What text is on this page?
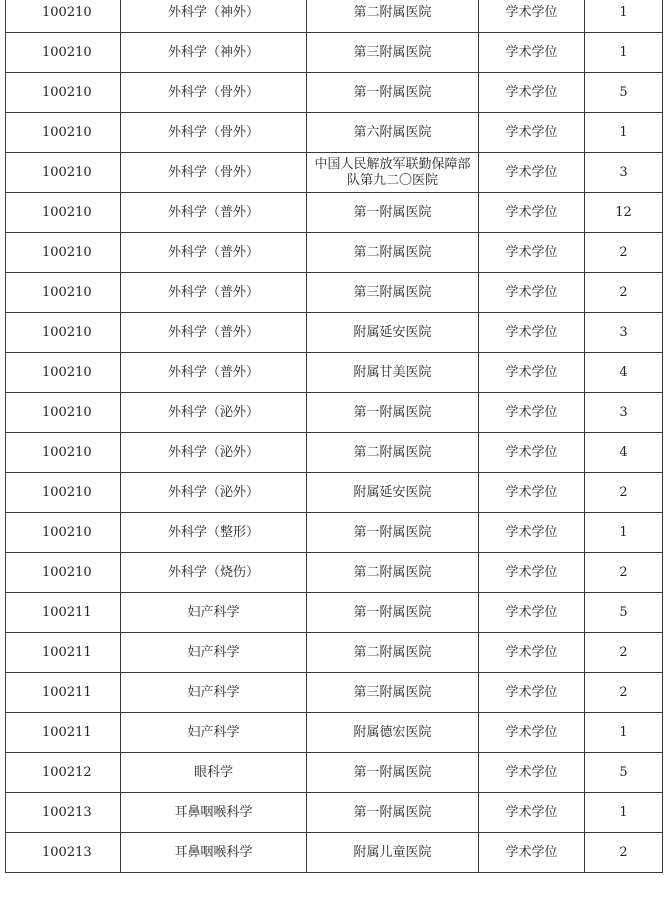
100210	外科学（神外）	第二附属医院	学术学位	1
100210	外科学（神外）	第三附属医院	学术学位	1
100210	外科学（骨外）	第一附属医院	学术学位	5
100210	外科学（骨外）	第六附属医院	学术学位	1
100210	外科学（骨外）	中国人民解放军联勤保障部队第九二〇医院	学术学位	3
100210	外科学（普外）	第一附属医院	学术学位	12
100210	外科学（普外）	第二附属医院	学术学位	2
100210	外科学（普外）	第三附属医院	学术学位	2
100210	外科学（普外）	附属延安医院	学术学位	3
100210	外科学（普外）	附属甘美医院	学术学位	4
100210	外科学（泌外）	第一附属医院	学术学位	3
100210	外科学（泌外）	第二附属医院	学术学位	4
100210	外科学（泌外）	附属延安医院	学术学位	2
100210	外科学（整形）	第一附属医院	学术学位	1
100210	外科学（烧伤）	第二附属医院	学术学位	2
100211	妇产科学	第一附属医院	学术学位	5
100211	妇产科学	第二附属医院	学术学位	2
100211	妇产科学	第三附属医院	学术学位	2
100211	妇产科学	附属德宏医院	学术学位	1
100212	眼科学	第一附属医院	学术学位	5
100213	耳鼻咽喉科学	第一附属医院	学术学位	1
100213	耳鼻咽喉科学	附属儿童医院	学术学位	2
